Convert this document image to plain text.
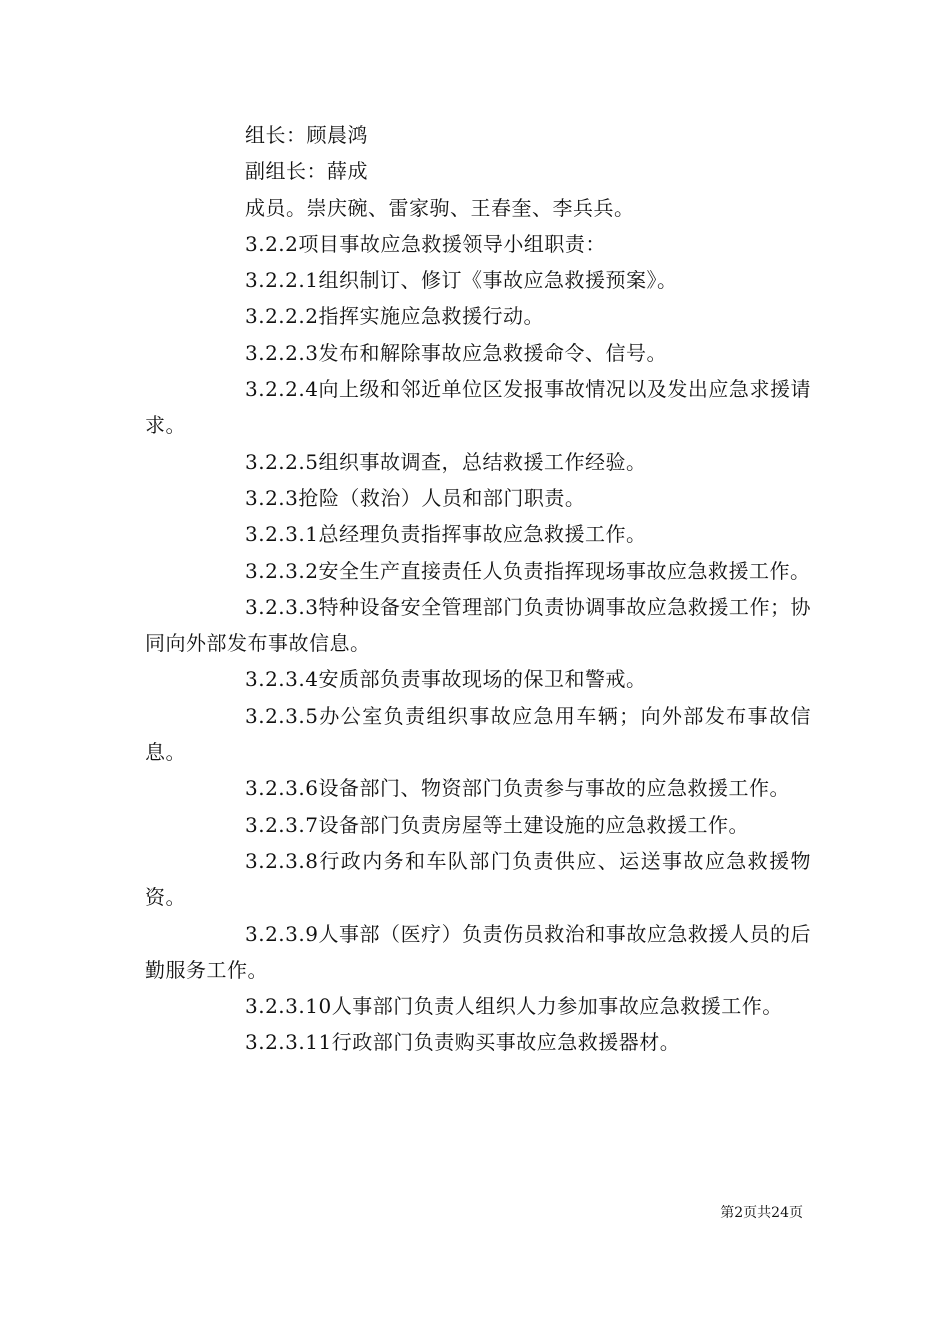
组长：顾晨鸿

副组长：薛成

成员。崇庆碗、雷家驹、王春奎、李兵兵。

3.2.2项目事故应急救援领导小组职责：

3.2.2.1组织制订、修订《事故应急救援预案》。

3.2.2.2指挥实施应急救援行动。

3.2.2.3发布和解除事故应急救援命令、信号。

3.2.2.4向上级和邻近单位区发报事故情况以及发出应急求援请求。

3.2.2.5组织事故调查，总结救援工作经验。

3.2.3抢险（救治）人员和部门职责。

3.2.3.1总经理负责指挥事故应急救援工作。

3.2.3.2安全生产直接责任人负责指挥现场事故应急救援工作。

3.2.3.3特种设备安全管理部门负责协调事故应急救援工作；协同向外部发布事故信息。

3.2.3.4安质部负责事故现场的保卫和警戒。

3.2.3.5办公室负责组织事故应急用车辆；向外部发布事故信息。

3.2.3.6设备部门、物资部门负责参与事故的应急救援工作。

3.2.3.7设备部门负责房屋等土建设施的应急救援工作。

3.2.3.8行政内务和车队部门负责供应、运送事故应急救援物资。

3.2.3.9人事部（医疗）负责伤员救治和事故应急救援人员的后勤服务工作。

3.2.3.10人事部门负责人组织人力参加事故应急救援工作。

3.2.3.11行政部门负责购买事故应急救援器材。

第2页共24页
